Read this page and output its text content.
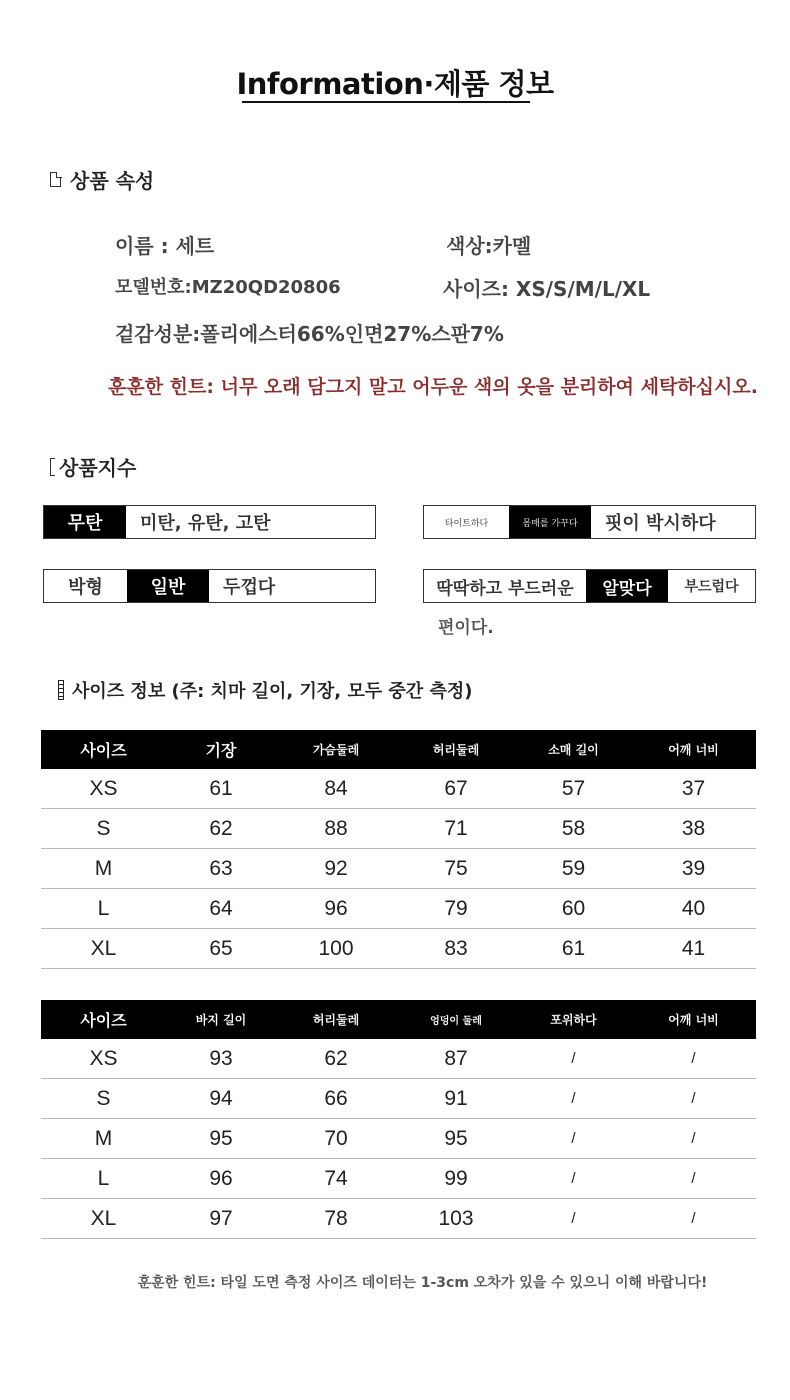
Information·제품 정보
상품 속성
이름 : 세트	색상:카멜
모델번호:MZ20QD20806	사이즈: XS/S/M/L/XL
겉감성분:폴리에스터66%인면27%스판7%
훈훈한 힌트: 너무 오래 담그지 말고 어두운 색의 옷을 분리하여 세탁하십시오.
상품지수
무탄	미탄, 유탄, 고탄	타이트하다	몸매를 가꾸다	핏이 박시하다
박형	일반	두껍다	딱딱하고 부드러운	알맞다	부드럽다
편이다.
사이즈 정보 (주: 치마 길이, 기장, 모두 중간 측정)
사이즈	기장	가슴둘레	허리둘레	소매 길이	어깨 너비
XS	61	84	67	57	37
S	62	88	71	58	38
M	63	92	75	59	39
L	64	96	79	60	40
XL	65	100	83	61	41
사이즈	바지 길이	허리둘레	엉덩이 둘레	포위하다	어깨 너비
XS	93	62	87	/	/
S	94	66	91	/	/
M	95	70	95	/	/
L	96	74	99	/	/
XL	97	78	103	/	/
훈훈한 힌트: 타일 도면 측정 사이즈 데이터는 1-3cm 오차가 있을 수 있으니 이해 바랍니다!
